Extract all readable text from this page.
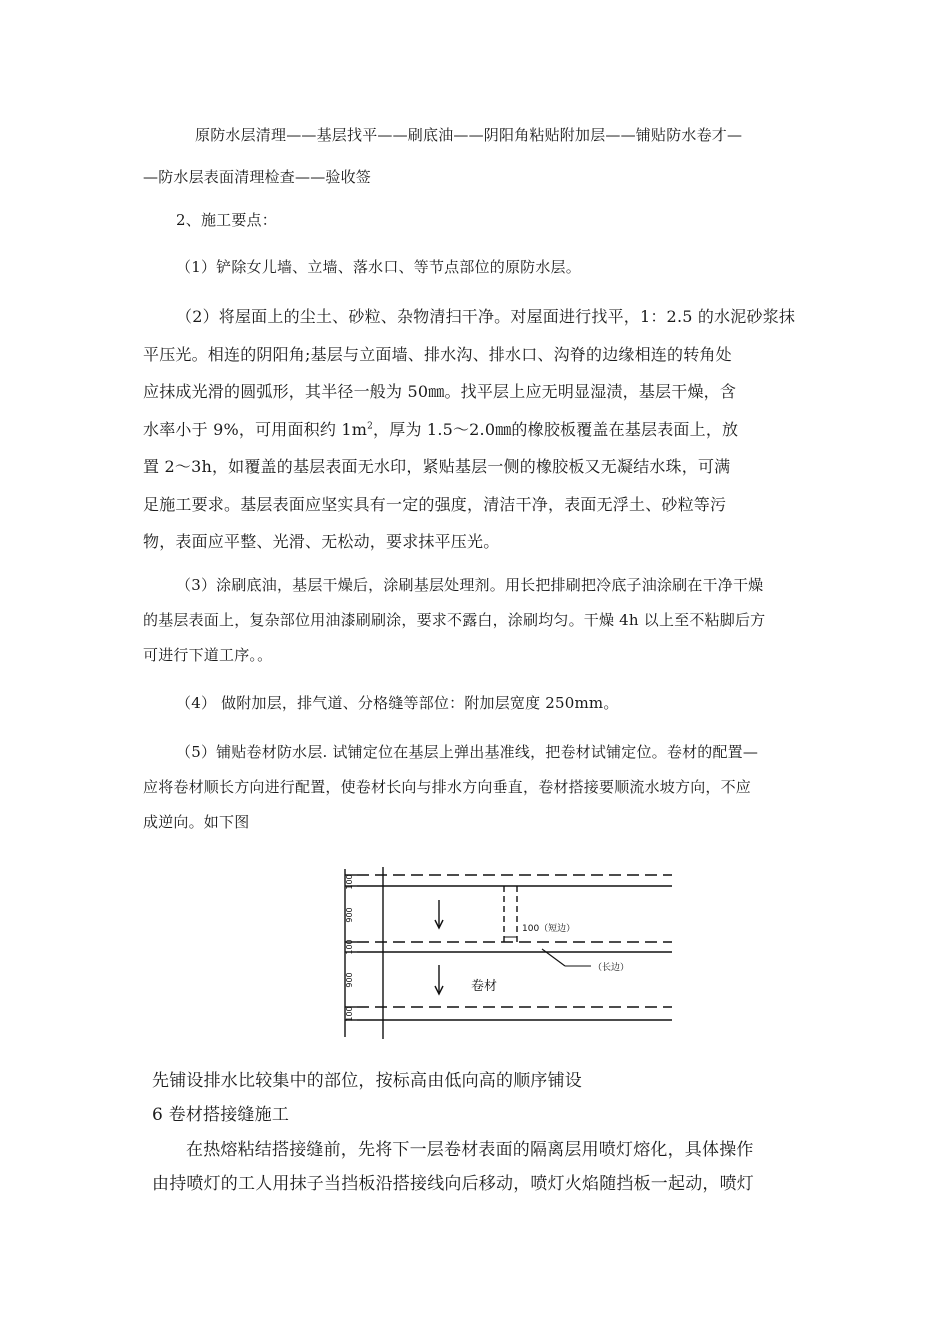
原防水层清理——基层找平——刷底油——阴阳角粘贴附加层——铺贴防水卷才—
—防水层表面清理检查——验收签

2、施工要点：

（1）铲除女儿墙、立墙、落水口、等节点部位的原防水层。

（2）将屋面上的尘土、砂粒、杂物清扫干净。对屋面进行找平，1：2.5 的水泥砂浆抹
平压光。相连的阴阳角;基层与立面墙、排水沟、排水口、沟脊的边缘相连的转角处
应抹成光滑的圆弧形，其半径一般为 50㎜。找平层上应无明显湿渍，基层干燥，含
水率小于 9%，可用面积约 $1m^2$，厚为 1.5～2.0㎜的橡胶板覆盖在基层表面上，放
置 2～3h，如覆盖的基层表面无水印，紧贴基层一侧的橡胶板又无凝结水珠，可满
足施工要求。基层表面应坚实具有一定的强度，清洁干净，表面无浮土、砂粒等污
物，表面应平整、光滑、无松动，要求抹平压光。

（3）涂刷底油，基层干燥后，涂刷基层处理剂。用长把排刷把冷底子油涂刷在干净干燥
的基层表面上，复杂部位用油漆刷刷涂，要求不露白，涂刷均匀。干燥 4h 以上至不粘脚后方
可进行下道工序。。

（4） 做附加层，排气道、分格缝等部位：附加层宽度 250mm。

（5）铺贴卷材防水层. 试铺定位在基层上弹出基准线，把卷材试铺定位。卷材的配置—
应将卷材顺长方向进行配置，使卷材长向与排水方向垂直，卷材搭接要顺流水坡方向，不应
成逆向。如下图

100
900
100
900
100
100（短边）
（长边）
卷材

先铺设排水比较集中的部位，按标高由低向高的顺序铺设

6 卷材搭接缝施工

在热熔粘结搭接缝前，先将下一层卷材表面的隔离层用喷灯熔化，具体操作
由持喷灯的工人用抹子当挡板沿搭接线向后移动，喷灯火焰随挡板一起动，喷灯
